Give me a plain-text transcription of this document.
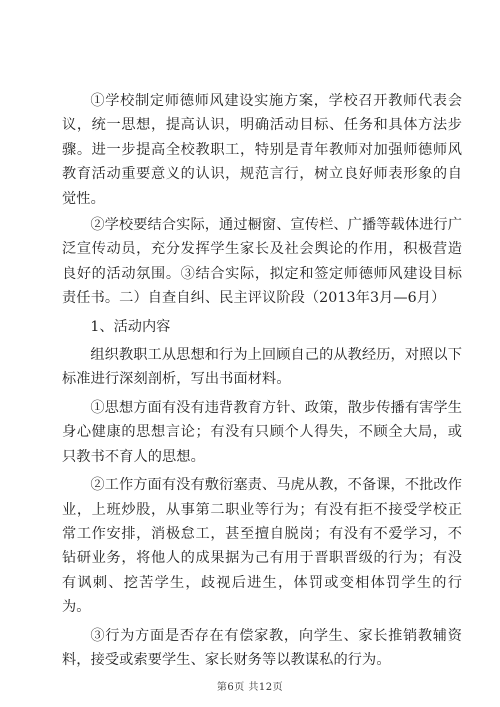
①学校制定师德师风建设实施方案，学校召开教师代表会议，统一思想，提高认识，明确活动目标、任务和具体方法步骤。进一步提高全校教职工，特别是青年教师对加强师德师风教育活动重要意义的认识，规范言行，树立良好师表形象的自觉性。

②学校要结合实际，通过橱窗、宣传栏、广播等载体进行广泛宣传动员，充分发挥学生家长及社会舆论的作用，积极营造良好的活动氛围。③结合实际，拟定和签定师德师风建设目标责任书。二）自查自纠、民主评议阶段（2013年3月—6月）

1、活动内容

组织教职工从思想和行为上回顾自己的从教经历，对照以下标准进行深刻剖析，写出书面材料。

①思想方面有没有违背教育方针、政策，散步传播有害学生身心健康的思想言论；有没有只顾个人得失，不顾全大局，或只教书不育人的思想。

②工作方面有没有敷衍塞责、马虎从教，不备课，不批改作业，上班炒股，从事第二职业等行为；有没有拒不接受学校正常工作安排，消极怠工，甚至擅自脱岗；有没有不爱学习，不钻研业务，将他人的成果据为己有用于晋职晋级的行为；有没有讽刺、挖苦学生，歧视后进生，体罚或变相体罚学生的行为。

③行为方面是否存在有偿家教，向学生、家长推销教辅资料，接受或索要学生、家长财务等以教谋私的行为。

第6页 共12页
